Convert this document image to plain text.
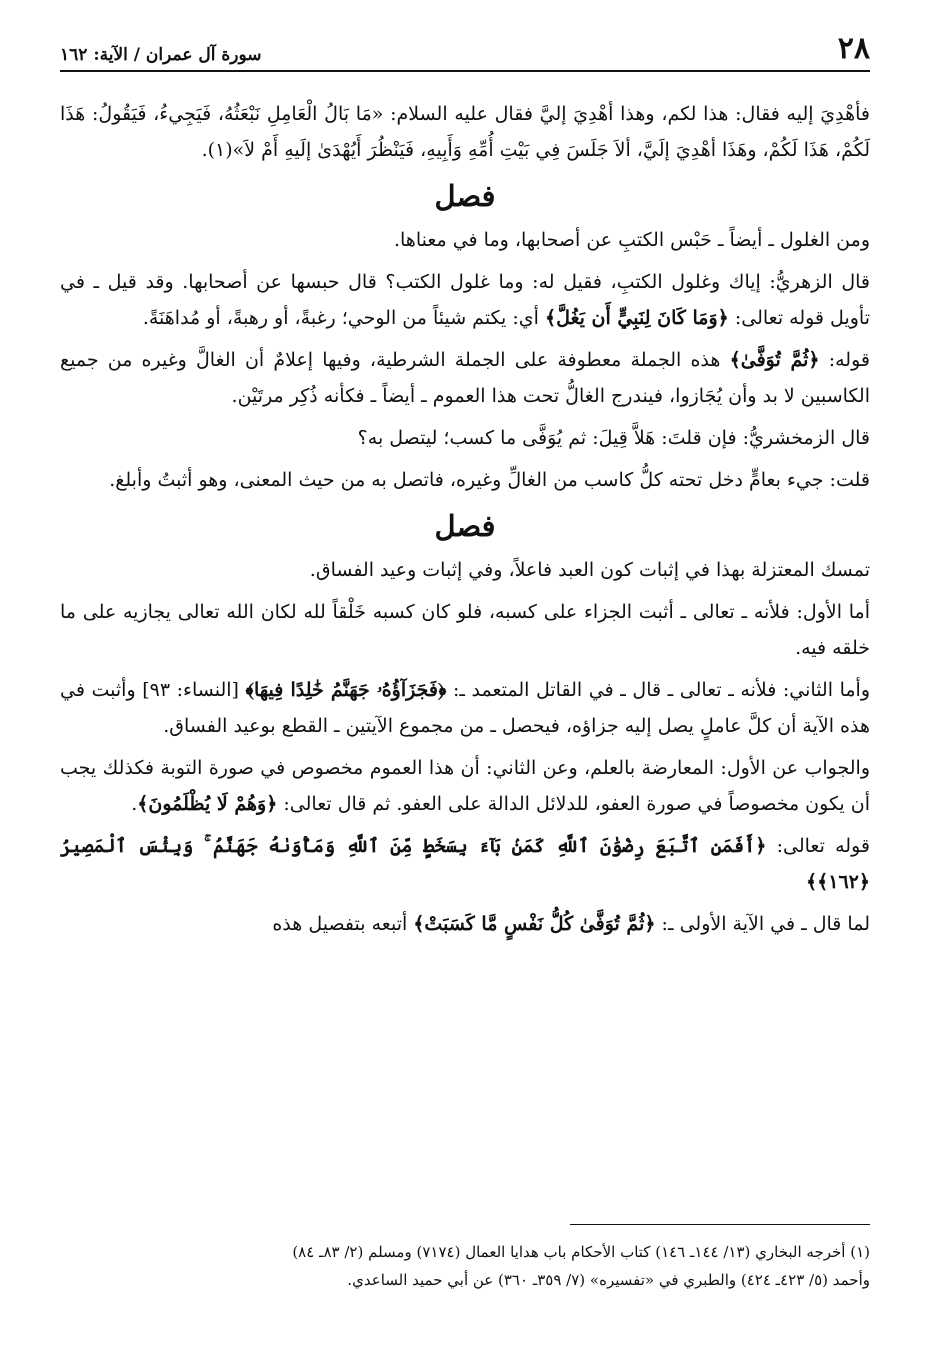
٢٨
سورة آل عمران / الآية: ١٦٢

فأهْدِيَ إليه فقال: هذا لكم، وهذا أهْدِيَ إليَّ فقال عليه السلام: «مَا بَالُ الْعَامِلِ نَبْعَثُهُ، فَيَجِيءُ، فَيَقُولُ: هَذَا لَكُمْ، هَذَا لَكُمْ، وهَذَا أهْدِيَ إلَيَّ، ألاَ جَلَسَ فِي بَيْتِ أُمِّهِ وَأَبِيهِ، فَيَنْظُرَ أَيُهْدَىٰ إلَيهِ أَمْ لاَ»(١).

فصل

ومن الغلول ـ أيضاً ـ حَبْس الكتبِ عن أصحابها، وما في معناها.

قال الزهريُّ: إياك وغلول الكتبِ، فقيل له: وما غلول الكتب؟ قال حبسها عن أصحابها. وقد قيل ـ في تأويل قوله تعالى: ﴿وَمَا كَانَ لِنَبِيٍّ أَن يَغُلَّ﴾ أي: يكتم شيئاً من الوحي؛ رغبةً، أو رهبةً، أو مُداهَنَةً.

قوله: ﴿ثُمَّ تُوَفَّىٰ﴾ هذه الجملة معطوفة على الجملة الشرطية، وفيها إعلامٌ أن الغالَّ وغيره من جميع الكاسبين لا بد وأن يُجَازوا، فيندرج الغالُّ تحت هذا العموم ـ أيضاً ـ فكأنه ذُكِر مرتَيْن.

قال الزمخشريُّ: فإن قلتَ: هَلاَّ قِيلَ: ثم يُوَفَّى ما كسب؛ ليتصل به؟

قلت: جيء بعامٍّ دخل تحته كلُّ كاسب من الغالِّ وغيره، فاتصل به من حيث المعنى، وهو أثبتُ وأبلغ.

فصل

تمسك المعتزلة بهذا في إثبات كون العبد فاعلاً، وفي إثبات وعيد الفساق.

أما الأول: فلأنه ـ تعالى ـ أثبت الجزاء على كسبه، فلو كان كسبه خَلْقاً لله لكان الله تعالى يجازيه على ما خلقه فيه.

وأما الثاني: فلأنه ـ تعالى ـ قال ـ في القاتل المتعمد ـ: ﴿فَجَزَآؤُهُۥ جَهَنَّمُ خَٰلِدًا فِيهَا﴾ [النساء: ٩٣] وأثبت في هذه الآية أن كلَّ عاملٍ يصل إليه جزاؤه، فيحصل ـ من مجموع الآيتين ـ القطع بوعيد الفساق.

والجواب عن الأول: المعارضة بالعلم، وعن الثاني: أن هذا العموم مخصوص في صورة التوبة فكذلك يجب أن يكون مخصوصاً في صورة العفو، للدلائل الدالة على العفو. ثم قال تعالى: ﴿وَهُمْ لَا يُظْلَمُونَ﴾.

قوله تعالى: ﴿أَفَمَنِ ٱتَّبَعَ رِضْوَٰنَ ٱللَّهِ كَمَنۢ بَآءَ بِسَخَطٍ مِّنَ ٱللَّهِ وَمَأْوَىٰهُ جَهَنَّمُ ۚ وَبِئْسَ ٱلْمَصِيرُ ﴿١٦٢﴾﴾

لما قال ـ في الآية الأولى ـ: ﴿ثُمَّ تُوَفَّىٰ كُلُّ نَفْسٍ مَّا كَسَبَتْ﴾ أتبعه بتفصيل هذه

(١) أخرجه البخاري (١٣/ ١٤٤ـ ١٤٦) كتاب الأحكام باب هدايا العمال (٧١٧٤) ومسلم (٢/ ٨٣ـ ٨٤)
وأحمد (٥/ ٤٢٣ـ ٤٢٤) والطبري في «تفسيره» (٧/ ٣٥٩ـ ٣٦٠) عن أبي حميد الساعدي.
